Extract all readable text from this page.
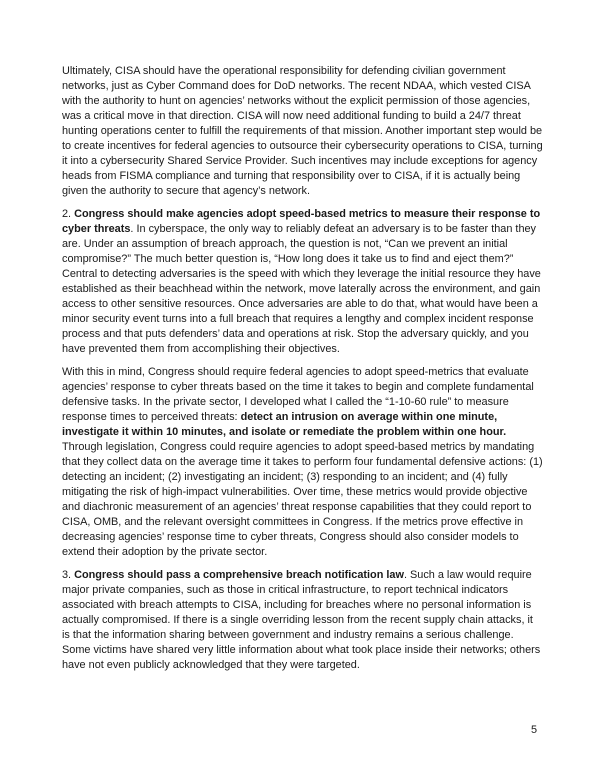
Ultimately, CISA should have the operational responsibility for defending civilian government networks, just as Cyber Command does for DoD networks. The recent NDAA, which vested CISA with the authority to hunt on agencies’ networks without the explicit permission of those agencies, was a critical move in that direction. CISA will now need additional funding to build a 24/7 threat hunting operations center to fulfill the requirements of that mission. Another important step would be to create incentives for federal agencies to outsource their cybersecurity operations to CISA, turning it into a cybersecurity Shared Service Provider. Such incentives may include exceptions for agency heads from FISMA compliance and turning that responsibility over to CISA, if it is actually being given the authority to secure that agency’s network.

2. Congress should make agencies adopt speed-based metrics to measure their response to cyber threats. In cyberspace, the only way to reliably defeat an adversary is to be faster than they are. Under an assumption of breach approach, the question is not, “Can we prevent an initial compromise?” The much better question is, “How long does it take us to find and eject them?” Central to detecting adversaries is the speed with which they leverage the initial resource they have established as their beachhead within the network, move laterally across the environment, and gain access to other sensitive resources. Once adversaries are able to do that, what would have been a minor security event turns into a full breach that requires a lengthy and complex incident response process and that puts defenders’ data and operations at risk. Stop the adversary quickly, and you have prevented them from accomplishing their objectives.

With this in mind, Congress should require federal agencies to adopt speed-metrics that evaluate agencies’ response to cyber threats based on the time it takes to begin and complete fundamental defensive tasks. In the private sector, I developed what I called the “1-10-60 rule” to measure response times to perceived threats: detect an intrusion on average within one minute, investigate it within 10 minutes, and isolate or remediate the problem within one hour. Through legislation, Congress could require agencies to adopt speed-based metrics by mandating that they collect data on the average time it takes to perform four fundamental defensive actions: (1) detecting an incident; (2) investigating an incident; (3) responding to an incident; and (4) fully mitigating the risk of high-impact vulnerabilities. Over time, these metrics would provide objective and diachronic measurement of an agencies’ threat response capabilities that they could report to CISA, OMB, and the relevant oversight committees in Congress. If the metrics prove effective in decreasing agencies’ response time to cyber threats, Congress should also consider models to extend their adoption by the private sector.

3. Congress should pass a comprehensive breach notification law. Such a law would require major private companies, such as those in critical infrastructure, to report technical indicators associated with breach attempts to CISA, including for breaches where no personal information is actually compromised. If there is a single overriding lesson from the recent supply chain attacks, it is that the information sharing between government and industry remains a serious challenge. Some victims have shared very little information about what took place inside their networks; others have not even publicly acknowledged that they were targeted.

5
